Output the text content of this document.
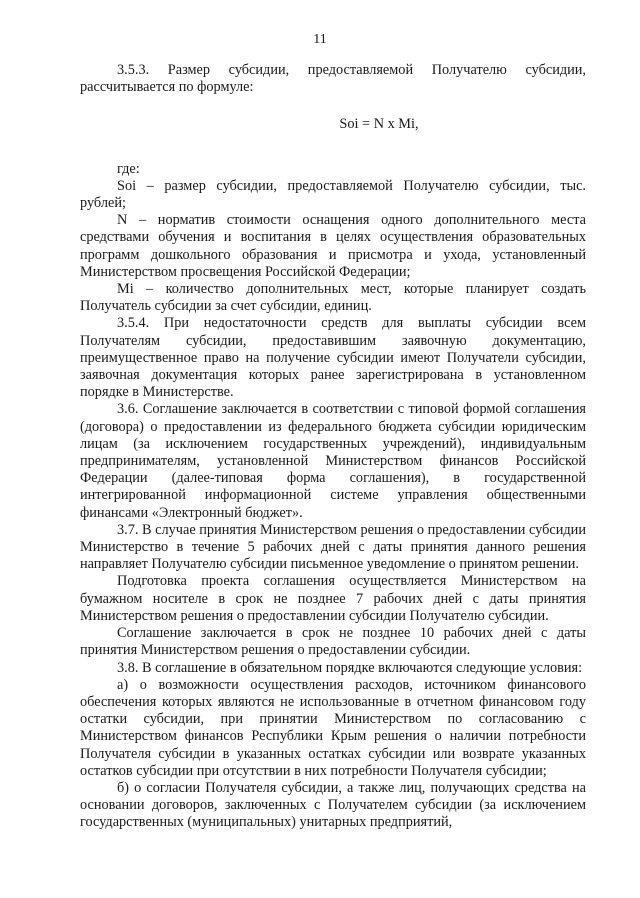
11

3.5.3. Размер субсидии, предоставляемой Получателю субсидии, рассчитывается по формуле:

Soi = N x Mi,

где:

Soi – размер субсидии, предоставляемой Получателю субсидии, тыс. рублей;

N – норматив стоимости оснащения одного дополнительного места средствами обучения и воспитания в целях осуществления образовательных программ дошкольного образования и присмотра и ухода, установленный Министерством просвещения Российской Федерации;

Mi – количество дополнительных мест, которые планирует создать Получатель субсидии за счет субсидии, единиц.

3.5.4. При недостаточности средств для выплаты субсидии всем Получателям субсидии, предоставившим заявочную документацию, преимущественное право на получение субсидии имеют Получатели субсидии, заявочная документация которых ранее зарегистрирована в установленном порядке в Министерстве.

3.6. Соглашение заключается в соответствии с типовой формой соглашения (договора) о предоставлении из федерального бюджета субсидии юридическим лицам (за исключением государственных учреждений), индивидуальным предпринимателям, установленной Министерством финансов Российской Федерации (далее-типовая форма соглашения), в государственной интегрированной информационной системе управления общественными финансами «Электронный бюджет».

3.7. В случае принятия Министерством решения о предоставлении субсидии Министерство в течение 5 рабочих дней с даты принятия данного решения направляет Получателю субсидии письменное уведомление о принятом решении.

Подготовка проекта соглашения осуществляется Министерством на бумажном носителе в срок не позднее 7 рабочих дней с даты принятия Министерством решения о предоставлении субсидии Получателю субсидии.

Соглашение заключается в срок не позднее 10 рабочих дней с даты принятия Министерством решения о предоставлении субсидии.

3.8. В соглашение в обязательном порядке включаются следующие условия:

а) о возможности осуществления расходов, источником финансового обеспечения которых являются не использованные в отчетном финансовом году остатки субсидии, при принятии Министерством по согласованию с Министерством финансов Республики Крым решения о наличии потребности Получателя субсидии в указанных остатках субсидии или возврате указанных остатков субсидии при отсутствии в них потребности Получателя субсидии;

б) о согласии Получателя субсидии, а также лиц, получающих средства на основании договоров, заключенных с Получателем субсидии (за исключением государственных (муниципальных) унитарных предприятий,
